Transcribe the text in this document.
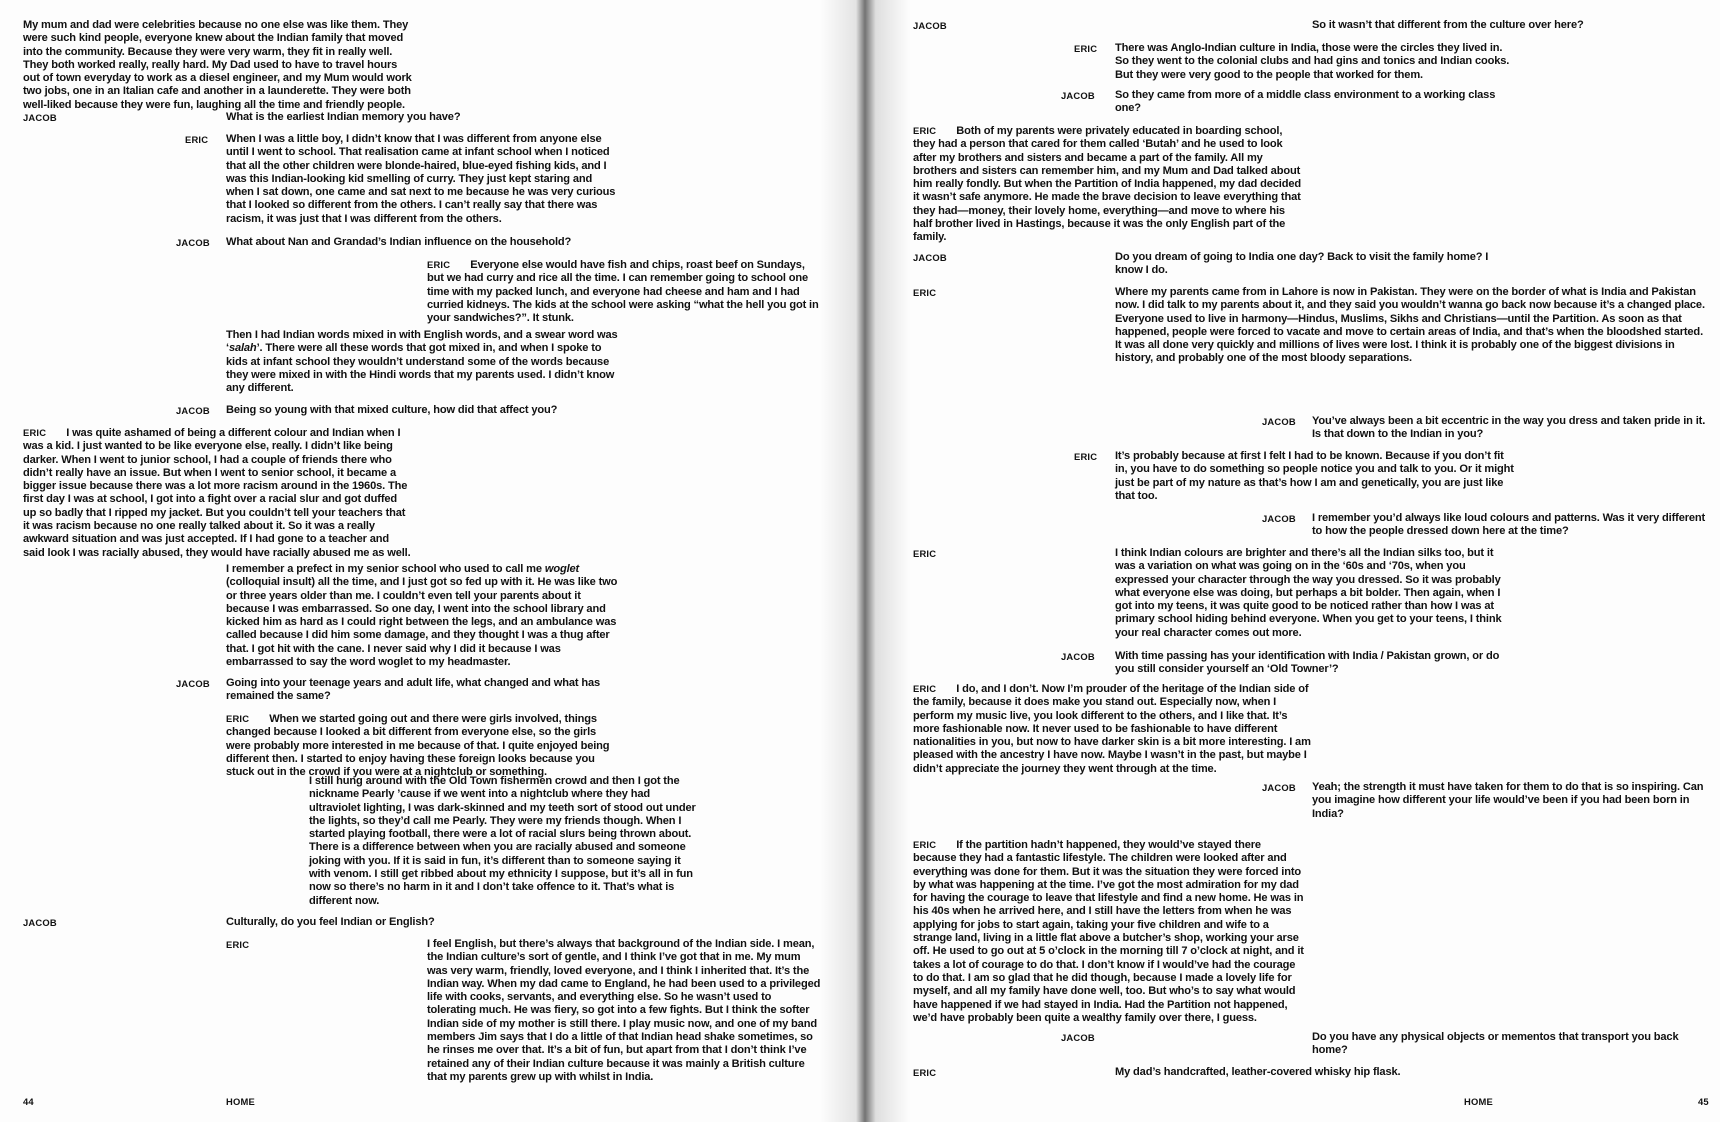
My mum and dad were celebrities because no one else was like them. They were such kind people, everyone knew about the Indian family that moved into the community. Because they were very warm, they fit in really well. They both worked really, really hard. My Dad used to have to travel hours out of town everyday to work as a diesel engineer, and my Mum would work two jobs, one in an Italian cafe and another in a launderette. They were both well-liked because they were fun, laughing all the time and friendly people.

JACOB	What is the earliest Indian memory you have?

ERIC When I was a little boy, I didn’t know that I was different from anyone else until I went to school. That realisation came at infant school when I noticed that all the other children were blonde-haired, blue-eyed fishing kids, and I was this Indian-looking kid smelling of curry. They just kept staring and when I sat down, one came and sat next to me because he was very curious that I looked so different from the others. I can’t really say that there was racism, it was just that I was different from the others.

JACOB What about Nan and Grandad’s Indian influence on the household?

ERIC Everyone else would have fish and chips, roast beef on Sundays, but we had curry and rice all the time. I can remember going to school one time with my packed lunch, and everyone had cheese and ham and I had curried kidneys. The kids at the school were asking “what the hell you got in your sandwiches?”. It stunk.

Then I had Indian words mixed in with English words, and a swear word was ‘salah’. There were all these words that got mixed in, and when I spoke to kids at infant school they wouldn’t understand some of the words because they were mixed in with the Hindi words that my parents used. I didn’t know any different.

JACOB Being so young with that mixed culture, how did that affect you?

ERIC I was quite ashamed of being a different colour and Indian when I was a kid. I just wanted to be like everyone else, really. I didn’t like being darker. When I went to junior school, I had a couple of friends there who didn’t really have an issue. But when I went to senior school, it became a bigger issue because there was a lot more racism around in the 1960s. The first day I was at school, I got into a fight over a racial slur and got duffed up so badly that I ripped my jacket. But you couldn’t tell your teachers that it was racism because no one really talked about it. So it was a really awkward situation and was just accepted. If I had gone to a teacher and said look I was racially abused, they would have racially abused me as well.

I remember a prefect in my senior school who used to call me woglet (colloquial insult) all the time, and I just got so fed up with it. He was like two or three years older than me. I couldn’t even tell your parents about it because I was embarrassed. So one day, I went into the school library and kicked him as hard as I could right between the legs, and an ambulance was called because I did him some damage, and they thought I was a thug after that. I got hit with the cane. I never said why I did it because I was embarrassed to say the word woglet to my headmaster.

JACOB Going into your teenage years and adult life, what changed and what has remained the same?

ERIC When we started going out and there were girls involved, things changed because I looked a bit different from everyone else, so the girls were probably more interested in me because of that. I quite enjoyed being different then. I started to enjoy having these foreign looks because you stuck out in the crowd if you were at a nightclub or something.

I still hung around with the Old Town fishermen crowd and then I got the nickname Pearly ’cause if we went into a nightclub where they had ultraviolet lighting, I was dark-skinned and my teeth sort of stood out under the lights, so they’d call me Pearly. They were my friends though. When I started playing football, there were a lot of racial slurs being thrown about. There is a difference between when you are racially abused and someone joking with you. If it is said in fun, it’s different than to someone saying it with venom. I still get ribbed about my ethnicity I suppose, but it’s all in fun now so there’s no harm in it and I don’t take offence to it. That’s what is different now.

JACOB	Culturally, do you feel Indian or English?

ERIC	I feel English, but there’s always that background of the Indian side. I mean, the Indian culture’s sort of gentle, and I think I’ve got that in me. My mum was very warm, friendly, loved everyone, and I think I inherited that. It’s the Indian way. When my dad came to England, he had been used to a privileged life with cooks, servants, and everything else. So he wasn’t used to tolerating much. He was fiery, so got into a few fights. But I think the softer Indian side of my mother is still there. I play music now, and one of my band members Jim says that I do a little of that Indian head shake sometimes, so he rinses me over that. It’s a bit of fun, but apart from that I don’t think I’ve retained any of their Indian culture because it was mainly a British culture that my parents grew up with whilst in India.

44	HOME
JACOB	So it wasn’t that different from the culture over here?

ERIC There was Anglo-Indian culture in India, those were the circles they lived in. So they went to the colonial clubs and had gins and tonics and Indian cooks. But they were very good to the people that worked for them.

JACOB So they came from more of a middle class environment to a working class one?

ERIC Both of my parents were privately educated in boarding school, they had a person that cared for them called ‘Butah’ and he used to look after my brothers and sisters and became a part of the family. All my brothers and sisters can remember him, and my Mum and Dad talked about him really fondly. But when the Partition of India happened, my dad decided it wasn’t safe anymore. He made the brave decision to leave everything that they had—money, their lovely home, everything—and move to where his half brother lived in Hastings, because it was the only English part of the family.

JACOB	Do you dream of going to India one day? Back to visit the family home? I know I do.

ERIC	Where my parents came from in Lahore is now in Pakistan. They were on the border of what is India and Pakistan now. I did talk to my parents about it, and they said you wouldn’t wanna go back now because it’s a changed place. Everyone used to live in harmony—Hindus, Muslims, Sikhs and Christians—until the Partition. As soon as that happened, people were forced to vacate and move to certain areas of India, and that’s when the bloodshed started. It was all done very quickly and millions of lives were lost. I think it is probably one of the biggest divisions in history, and probably one of the most bloody separations.

JACOB You’ve always been a bit eccentric in the way you dress and taken pride in it. Is that down to the Indian in you?

ERIC It’s probably because at first I felt I had to be known. Because if you don’t fit in, you have to do something so people notice you and talk to you. Or it might just be part of my nature as that’s how I am and genetically, you are just like that too.

JACOB I remember you’d always like loud colours and patterns. Was it very different to how the people dressed down here at the time?

ERIC	I think Indian colours are brighter and there’s all the Indian silks too, but it was a variation on what was going on in the ‘60s and ‘70s, when you expressed your character through the way you dressed. So it was probably what everyone else was doing, but perhaps a bit bolder. Then again, when I got into my teens, it was quite good to be noticed rather than how I was at primary school hiding behind everyone. When you get to your teens, I think your real character comes out more.

JACOB With time passing has your identification with India / Pakistan grown, or do you still consider yourself an ‘Old Towner’?

ERIC I do, and I don’t. Now I’m prouder of the heritage of the Indian side of the family, because it does make you stand out. Especially now, when I perform my music live, you look different to the others, and I like that. It’s more fashionable now. It never used to be fashionable to have different nationalities in you, but now to have darker skin is a bit more interesting. I am pleased with the ancestry I have now. Maybe I wasn’t in the past, but maybe I didn’t appreciate the journey they went through at the time.

JACOB Yeah; the strength it must have taken for them to do that is so inspiring. Can you imagine how different your life would’ve been if you had been born in India?

ERIC If the partition hadn’t happened, they would’ve stayed there because they had a fantastic lifestyle. The children were looked after and everything was done for them. But it was the situation they were forced into by what was happening at the time. I’ve got the most admiration for my dad for having the courage to leave that lifestyle and find a new home. He was in his 40s when he arrived here, and I still have the letters from when he was applying for jobs to start again, taking your five children and wife to a strange land, living in a little flat above a butcher’s shop, working your arse off. He used to go out at 5 o’clock in the morning till 7 o’clock at night, and it takes a lot of courage to do that. I don’t know if I would’ve had the courage to do that. I am so glad that he did though, because I made a lovely life for myself, and all my family have done well, too. But who’s to say what would have happened if we had stayed in India. Had the Partition not happened, we’d have probably been quite a wealthy family over there, I guess.

JACOB	Do you have any physical objects or mementos that transport you back home?

ERIC	My dad’s handcrafted, leather-covered whisky hip flask.

HOME	45
